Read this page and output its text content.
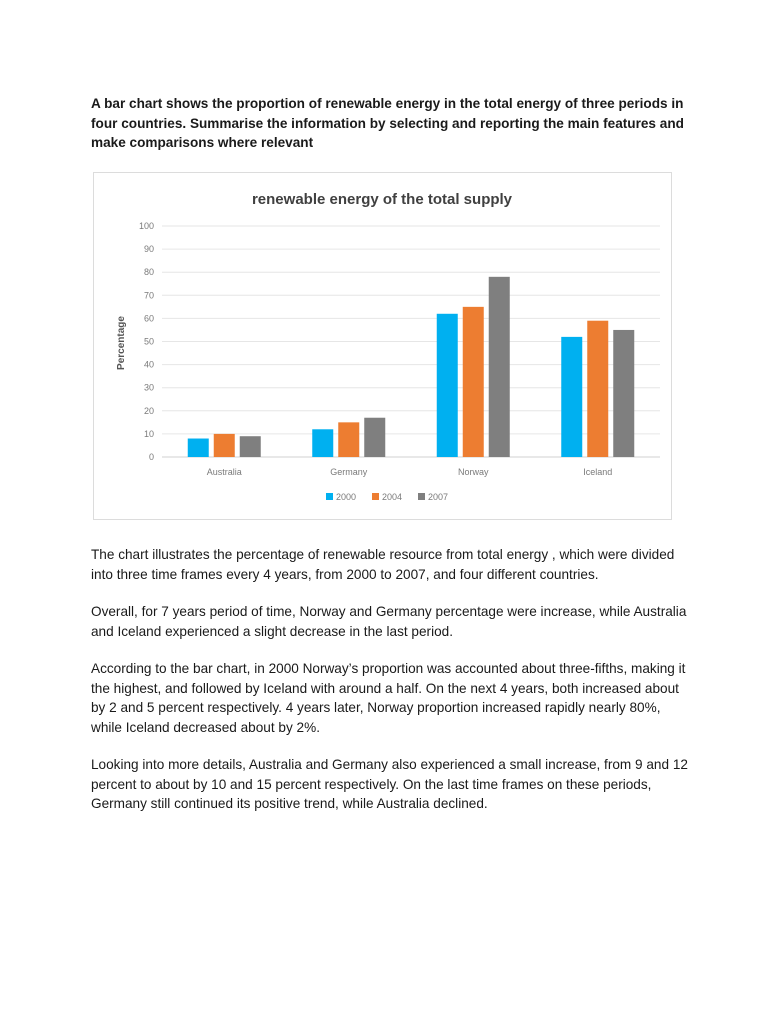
A bar chart shows the proportion of renewable energy in the total energy of three periods in four countries. Summarise the information by selecting and reporting the main features and make comparisons where relevant

renewable energy of the total supply
Percentage
0
10
20
30
40
50
60
70
80
90
100
Australia	Germany	Norway	Iceland
2000	2004	2007

The chart illustrates the percentage of renewable resource from total energy , which were divided into three time frames every 4 years, from 2000 to 2007, and four different countries.

Overall, for 7 years period of time, Norway and Germany percentage were increase, while Australia and Iceland experienced a slight decrease in the last period.

According to the bar chart, in 2000 Norway’s proportion was accounted about three-fifths, making it the highest, and followed by Iceland with around a half. On the next 4 years, both increased about by 2 and 5 percent respectively. 4 years later, Norway proportion increased rapidly nearly 80%, while Iceland decreased about by 2%.

Looking into more details, Australia and Germany also experienced a small increase, from 9 and 12 percent to about by 10 and 15 percent respectively. On the last time frames on these periods, Germany still continued its positive trend, while Australia declined.
